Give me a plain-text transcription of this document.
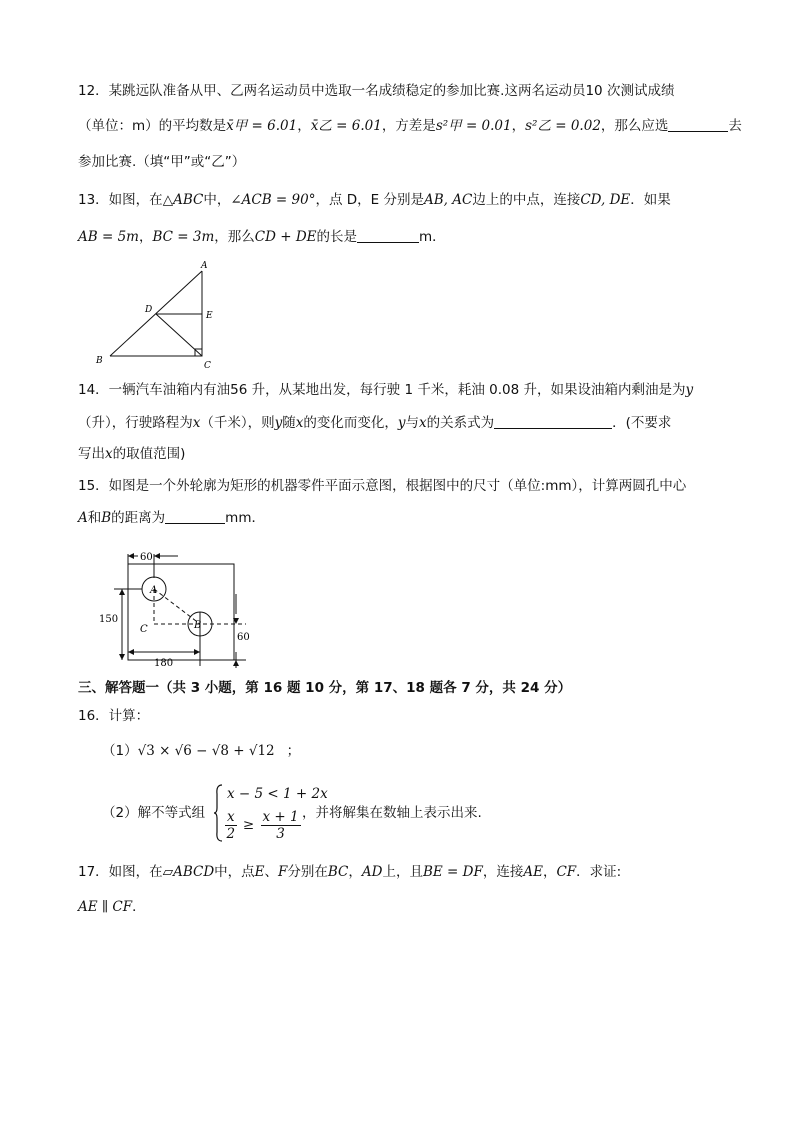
12．某跳远队准备从甲、乙两名运动员中选取一名成绩稳定的参加比赛.这两名运动员10 次测试成绩
（单位：m）的平均数是x̄甲 = 6.01，x̄乙 = 6.01，方差是s²甲 = 0.01，s²乙 = 0.02，那么应选	去
参加比赛.（填“甲”或“乙”）
13．如图，在△ABC中，∠ACB = 90°，点 D，E 分别是AB, AC边上的中点，连接CD, DE．如果
AB = 5m，BC = 3m，那么CD + DE的长是	m．
A
B	C
D
E
14．一辆汽车油箱内有油56 升，从某地出发，每行驶 1 千米，耗油 0.08 升，如果设油箱内剩油是为y
（升），行驶路程为x（千米），则y随x的变化而变化，y与x的关系式为	．(不要求
写出x的取值范围)
15．如图是一个外轮廓为矩形的机器零件平面示意图，根据图中的尺寸（单位:mm），计算两圆孔中心
A和B的距离为	mm．
60
150
60
180
A
B
C
三、解答题一（共 3 小题，第 16 题 10 分，第 17、18 题各 7 分，共 24 分）
16．计算：
（1）√3 × √6 − √8 + √12 ；
（2）解不等式组
x − 5 < 1 + 2x
$\frac{x}{2} \ge \frac{x + 1}{3}$ ，并将解集在数轴上表示出来.
17．如图，在▱ABCD中，点E、F分别在BC，AD上，且BE = DF，连接AE，CF．求证:
AE ∥ CF．
